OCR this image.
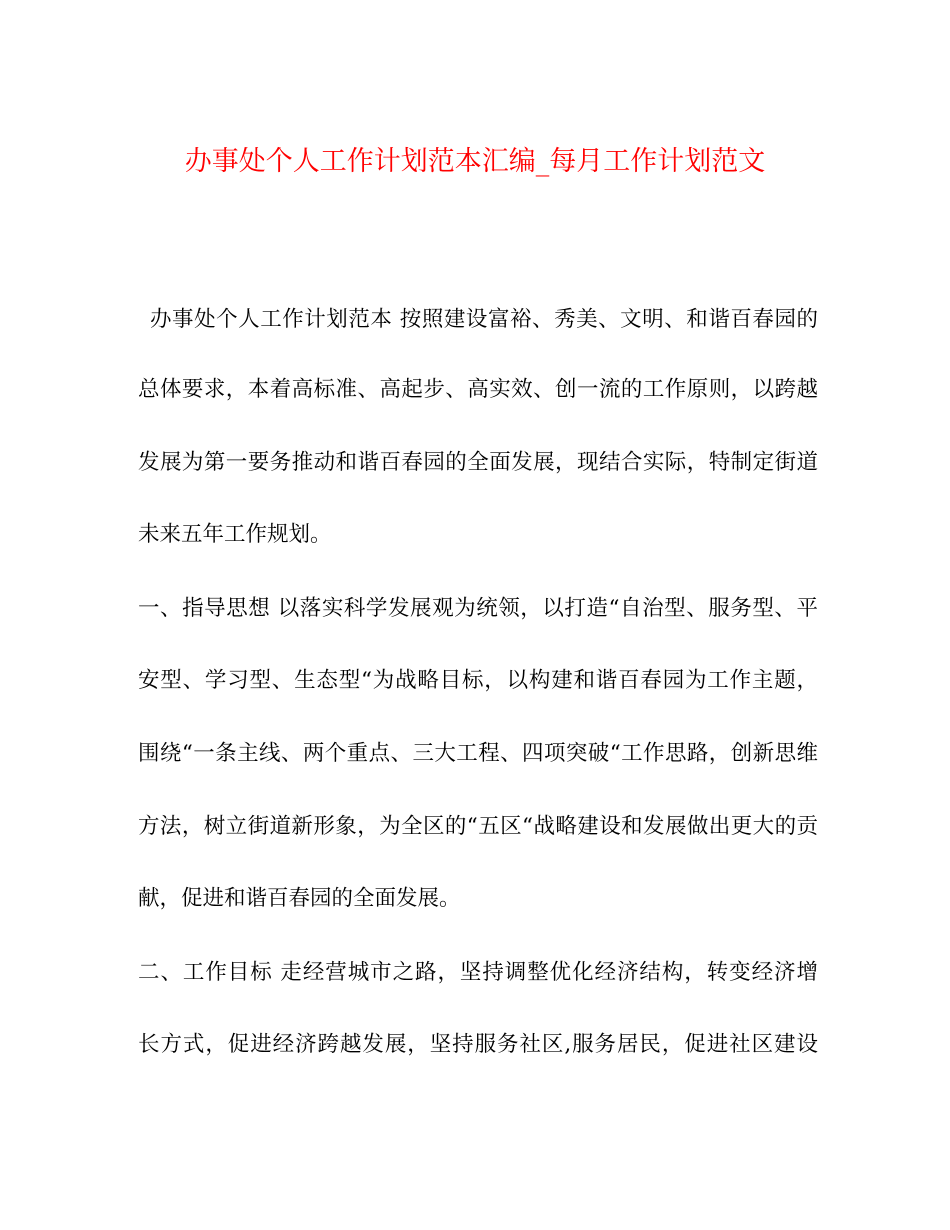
办事处个人工作计划范本汇编_每月工作计划范文
办事处个人工作计划范本 按照建设富裕、秀美、文明、和谐百春园的
总体要求，本着高标准、高起步、高实效、创一流的工作原则，以跨越
发展为第一要务推动和谐百春园的全面发展，现结合实际，特制定街道
未来五年工作规划。
一、指导思想 以落实科学发展观为统领，以打造“自治型、服务型、平
安型、学习型、生态型“为战略目标，以构建和谐百春园为工作主题，
围绕“一条主线、两个重点、三大工程、四项突破“工作思路，创新思维
方法，树立街道新形象，为全区的“五区“战略建设和发展做出更大的贡
献，促进和谐百春园的全面发展。
二、工作目标 走经营城市之路，坚持调整优化经济结构，转变经济增
长方式，促进经济跨越发展，坚持服务社区,服务居民，促进社区建设
